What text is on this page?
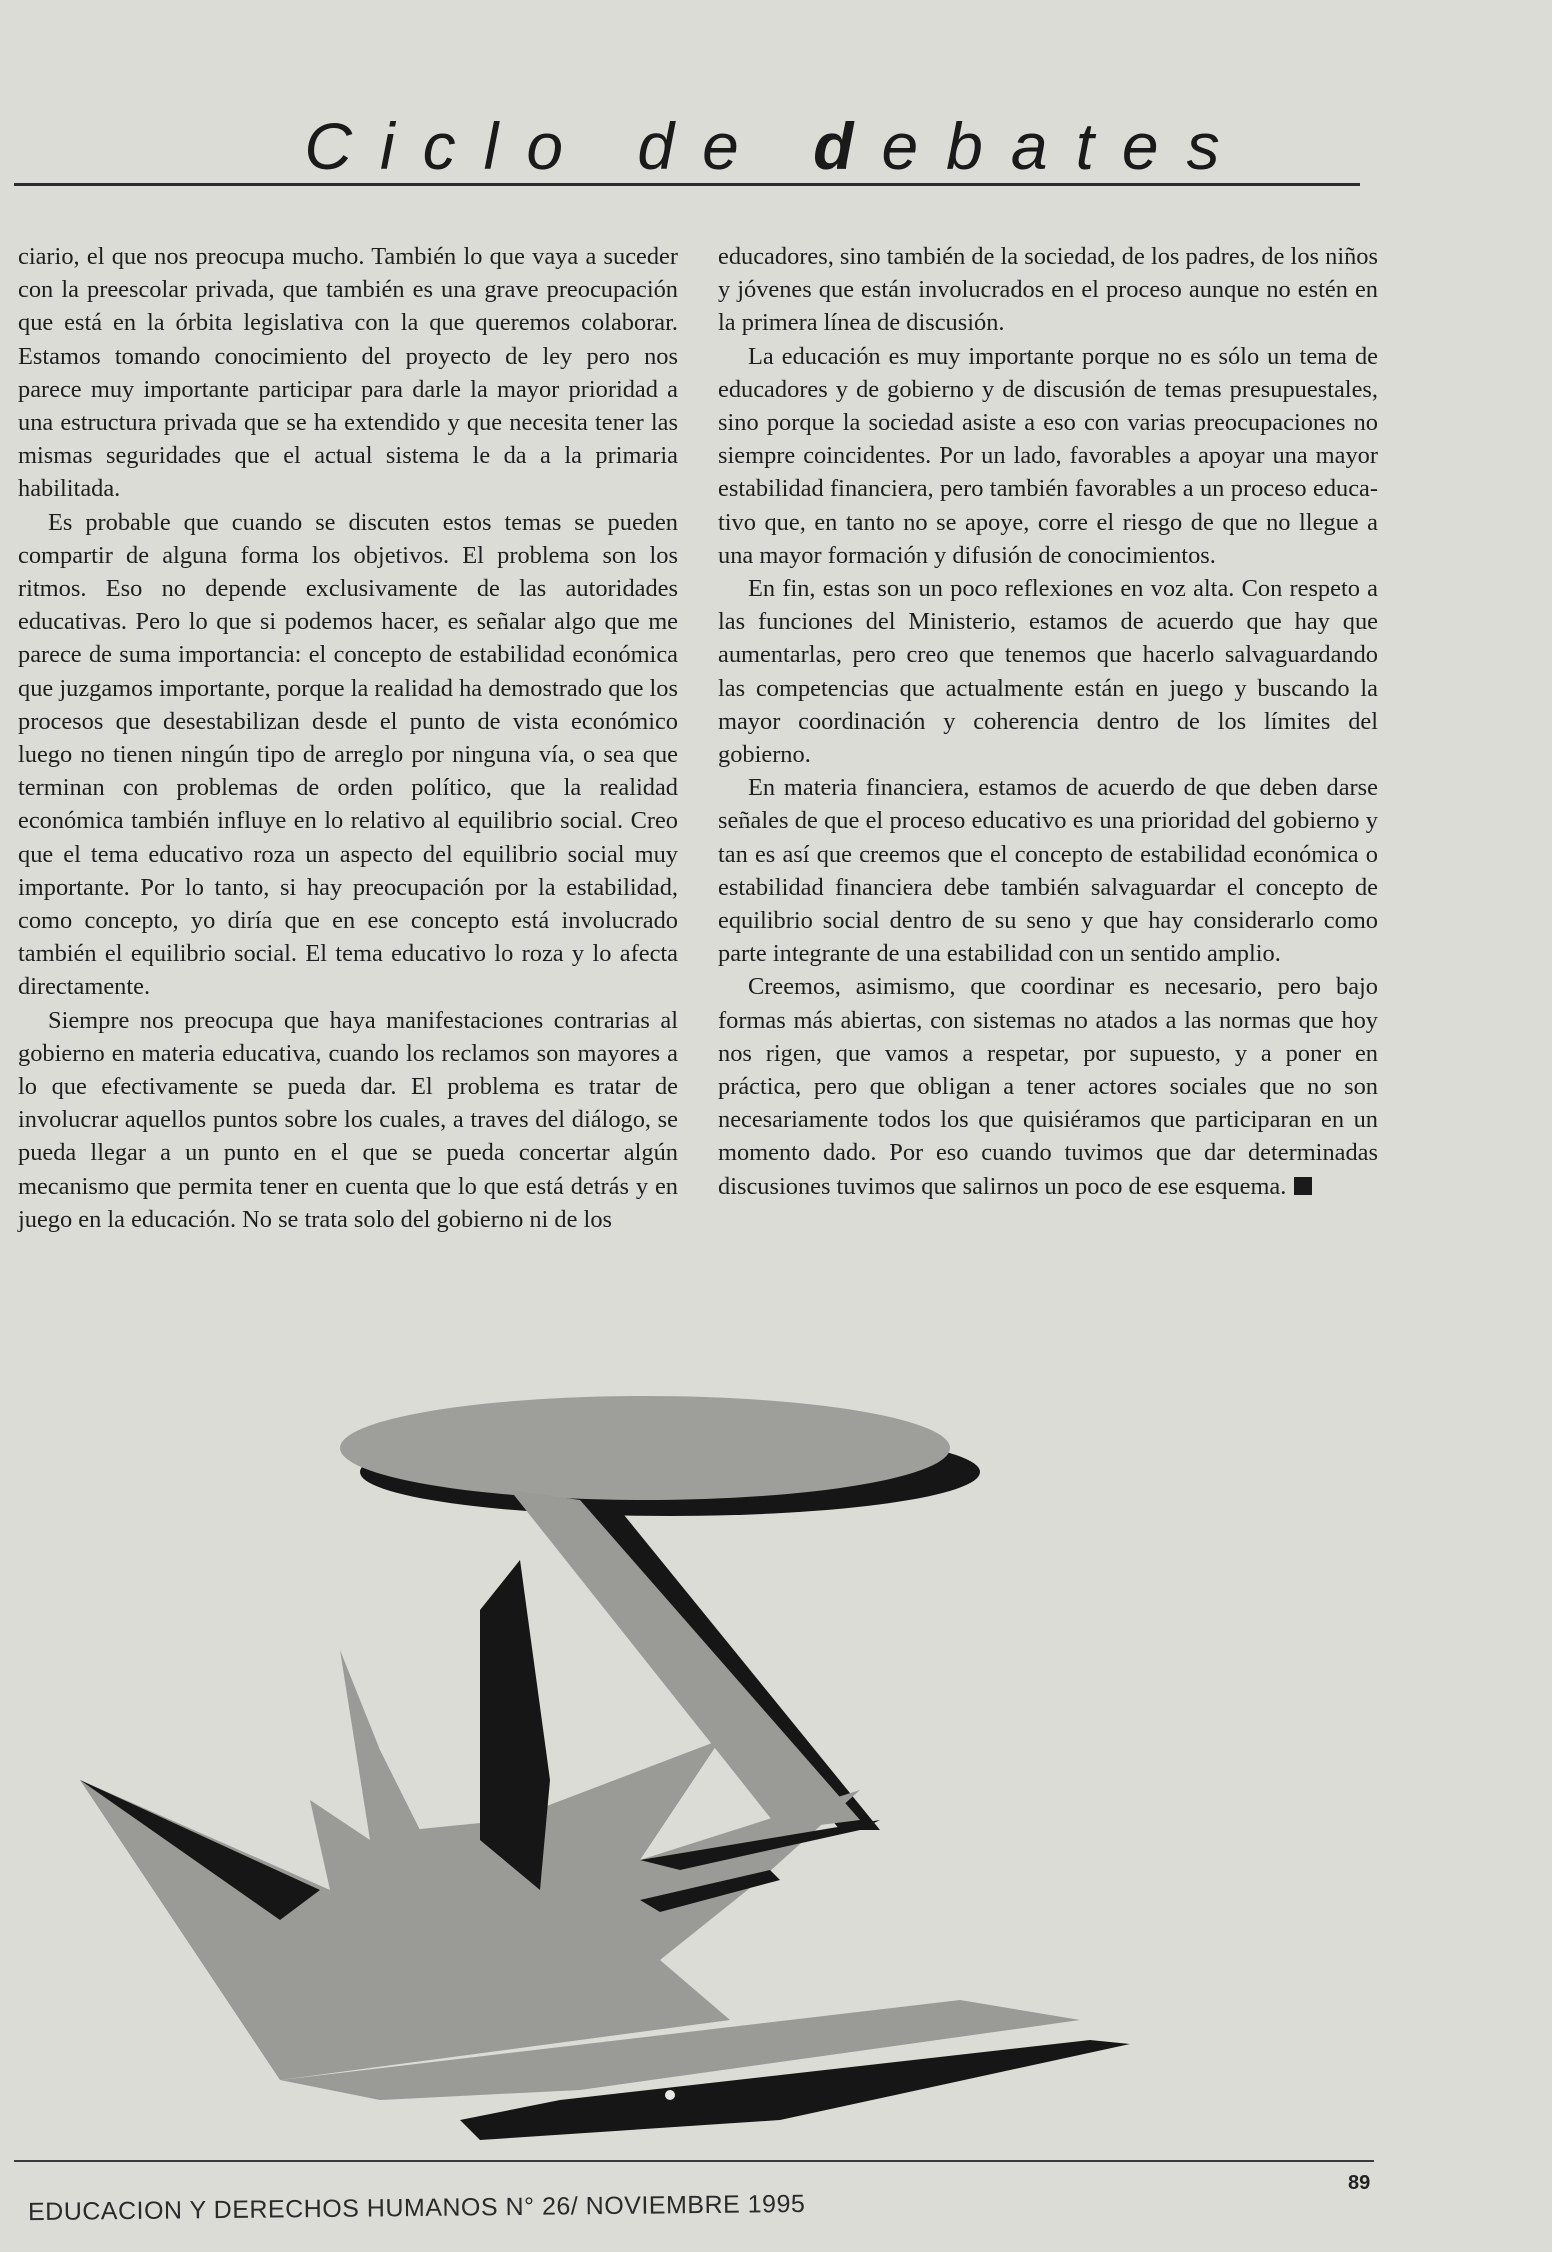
Ciclo de debates

ciario, el que nos preocupa mucho. También lo que vaya a suceder con la preescolar privada, que también es una grave preocupación que está en la órbita legislativa con la que queremos colaborar. Estamos tomando conocimiento del proyecto de ley pero nos parece muy importante participar para darle la mayor prioridad a una estructura privada que se ha extendido y que necesita tener las mismas seguridades que el actual sistema le da a la primaria habilitada.

Es probable que cuando se discuten estos temas se pueden compartir de alguna forma los objetivos. El problema son los ritmos. Eso no depende exclusivamente de las autoridades educativas. Pero lo que si podemos hacer, es señalar algo que me parece de suma importancia: el concepto de estabilidad económica que juzgamos importante, porque la realidad ha demostrado que los procesos que desestabilizan desde el punto de vista económico luego no tienen ningún tipo de arreglo por ninguna vía, o sea que terminan con problemas de orden político, que la realidad económica también influye en lo relativo al equilibrio social. Creo que el tema educativo roza un aspecto del equilibrio social muy importante. Por lo tanto, si hay preocupación por la estabilidad, como concepto, yo diría que en ese concepto está involucrado también el equilibrio social. El tema educativo lo roza y lo afecta directamente.

Siempre nos preocupa que haya manifestaciones contrarias al gobierno en materia educativa, cuando los reclamos son mayores a lo que efectivamente se pueda dar. El problema es tratar de involucrar aquellos puntos sobre los cuales, a traves del diálogo, se pueda llegar a un punto en el que se pueda concertar algún mecanismo que permita tener en cuenta que lo que está detrás y en juego en la educación. No se trata solo del gobierno ni de los

educadores, sino también de la sociedad, de los padres, de los niños y jóvenes que están involucrados en el proceso aunque no estén en la primera línea de discusión.

La educación es muy importante porque no es sólo un tema de educadores y de gobierno y de discusión de temas presupuestales, sino porque la sociedad asiste a eso con varias preocupaciones no siempre coincidentes. Por un lado, favorables a apoyar una mayor estabilidad financiera, pero también favorables a un proceso educativo que, en tanto no se apoye, corre el riesgo de que no llegue a una mayor formación y difusión de conocimientos.

En fin, estas son un poco reflexiones en voz alta. Con respeto a las funciones del Ministerio, estamos de acuerdo que hay que aumentarlas, pero creo que tenemos que hacerlo salvaguardando las competencias que actualmente están en juego y buscando la mayor coordinación y coherencia dentro de los límites del gobierno.

En materia financiera, estamos de acuerdo de que deben darse señales de que el proceso educativo es una prioridad del gobierno y tan es así que creemos que el concepto de estabilidad económica o estabilidad financiera debe también salvaguardar el concepto de equilibrio social dentro de su seno y que hay considerarlo como parte integrante de una estabilidad con un sentido amplio.

Creemos, asimismo, que coordinar es necesario, pero bajo formas más abiertas, con sistemas no atados a las normas que hoy nos rigen, que vamos a respetar, por supuesto, y a poner en práctica, pero que obligan a tener actores sociales que no son necesariamente todos los que quisiéramos que participaran en un momento dado. Por eso cuando tuvimos que dar determinadas discusiones tuvimos que salirnos un poco de ese esquema.

89
EDUCACION Y DERECHOS HUMANOS N° 26/ NOVIEMBRE 1995
